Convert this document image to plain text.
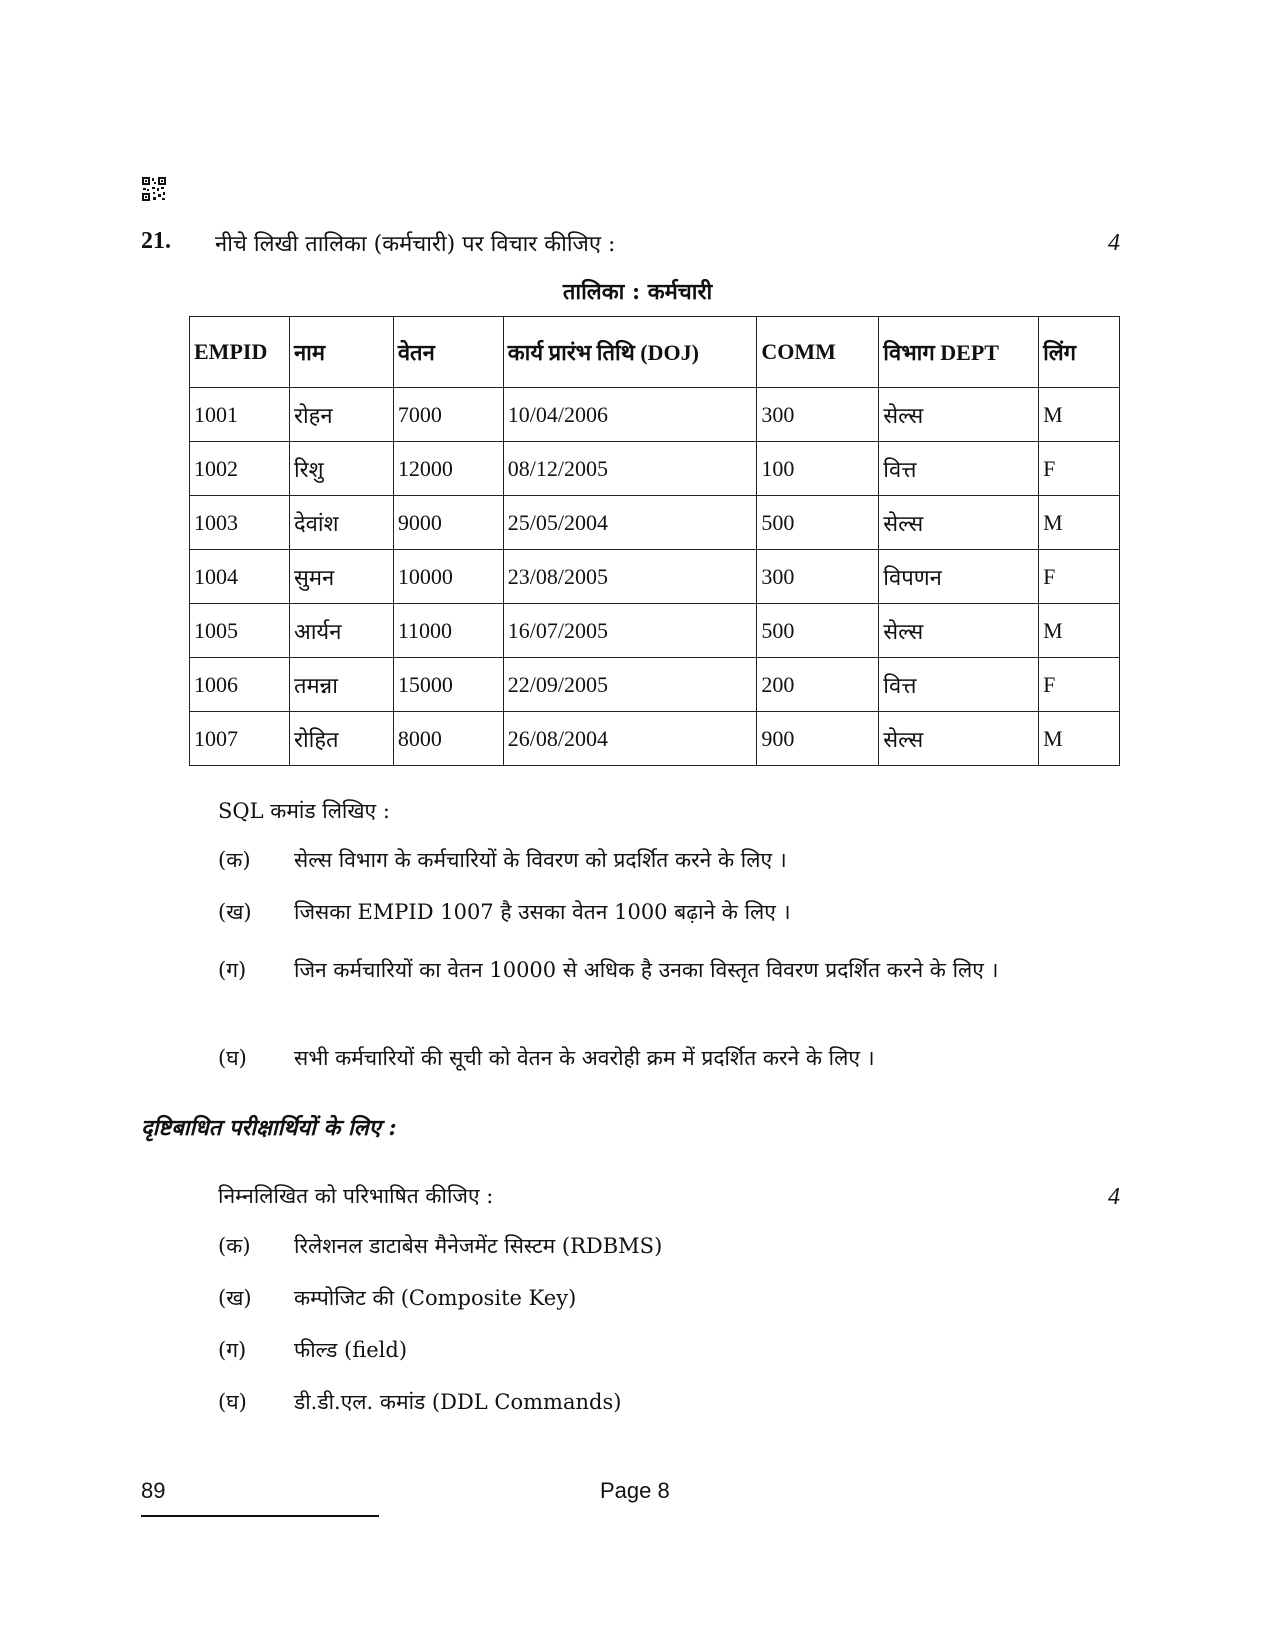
21. नीचे लिखी तालिका (कर्मचारी) पर विचार कीजिए :	4
तालिका : कर्मचारी
EMPID	नाम	वेतन	कार्य प्रारंभ तिथि (DOJ)	COMM	विभाग DEPT	लिंग
1001	रोहन	7000	10/04/2006	300	सेल्स	M
1002	रिशु	12000	08/12/2005	100	वित्त	F
1003	देवांश	9000	25/05/2004	500	सेल्स	M
1004	सुमन	10000	23/08/2005	300	विपणन	F
1005	आर्यन	11000	16/07/2005	500	सेल्स	M
1006	तमन्ना	15000	22/09/2005	200	वित्त	F
1007	रोहित	8000	26/08/2004	900	सेल्स	M
SQL कमांड लिखिए :
(क)	सेल्स विभाग के कर्मचारियों के विवरण को प्रदर्शित करने के लिए ।
(ख)	जिसका EMPID 1007 है उसका वेतन 1000 बढ़ाने के लिए ।
(ग)	जिन कर्मचारियों का वेतन 10000 से अधिक है उनका विस्तृत विवरण प्रदर्शित करने के लिए ।
(घ)	सभी कर्मचारियों की सूची को वेतन के अवरोही क्रम में प्रदर्शित करने के लिए ।
दृष्टिबाधित परीक्षार्थियों के लिए :
निम्नलिखित को परिभाषित कीजिए :	4
(क)	रिलेशनल डाटाबेस मैनेजमेंट सिस्टम (RDBMS)
(ख)	कम्पोजिट की (Composite Key)
(ग)	फील्ड (field)
(घ)	डी.डी.एल. कमांड (DDL Commands)
89	Page 8
